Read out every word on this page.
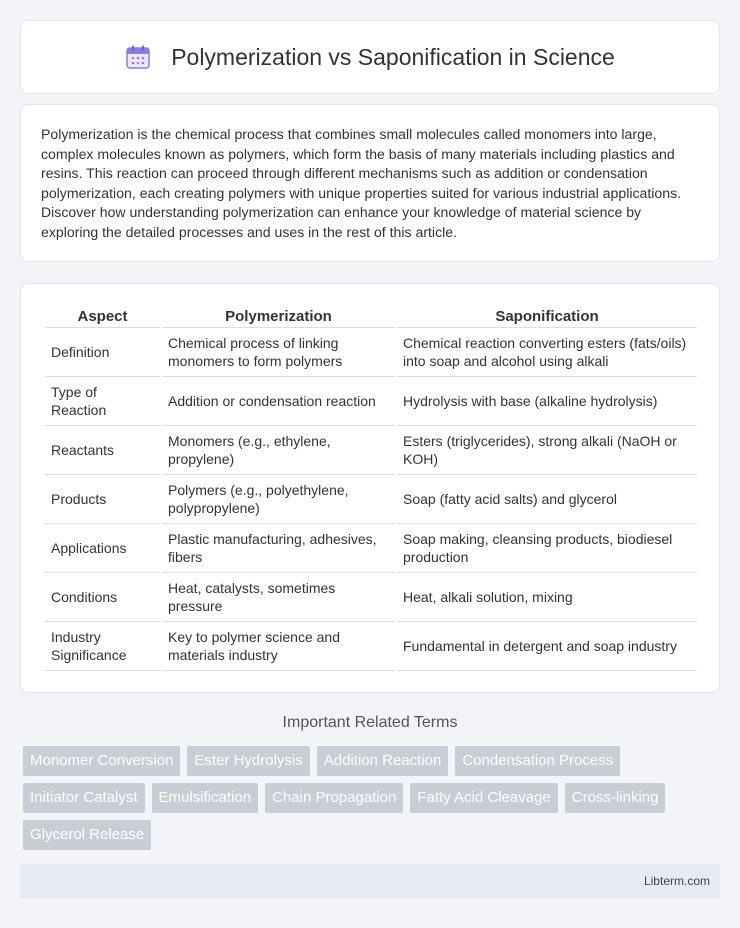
Polymerization vs Saponification in Science

Polymerization is the chemical process that combines small molecules called monomers into large, complex molecules known as polymers, which form the basis of many materials including plastics and resins. This reaction can proceed through different mechanisms such as addition or condensation polymerization, each creating polymers with unique properties suited for various industrial applications. Discover how understanding polymerization can enhance your knowledge of material science by exploring the detailed processes and uses in the rest of this article.

Aspect	Polymerization	Saponification
Definition	Chemical process of linking monomers to form polymers	Chemical reaction converting esters (fats/oils) into soap and alcohol using alkali
Type of Reaction	Addition or condensation reaction	Hydrolysis with base (alkaline hydrolysis)
Reactants	Monomers (e.g., ethylene, propylene)	Esters (triglycerides), strong alkali (NaOH or KOH)
Products	Polymers (e.g., polyethylene, polypropylene)	Soap (fatty acid salts) and glycerol
Applications	Plastic manufacturing, adhesives, fibers	Soap making, cleansing products, biodiesel production
Conditions	Heat, catalysts, sometimes pressure	Heat, alkali solution, mixing
Industry Significance	Key to polymer science and materials industry	Fundamental in detergent and soap industry
Important Related Terms
Monomer Conversion	Ester Hydrolysis	Addition Reaction	Condensation Process
Initiator Catalyst	Emulsification	Chain Propagation	Fatty Acid Cleavage	Cross-linking
Glycerol Release
Libterm.com
